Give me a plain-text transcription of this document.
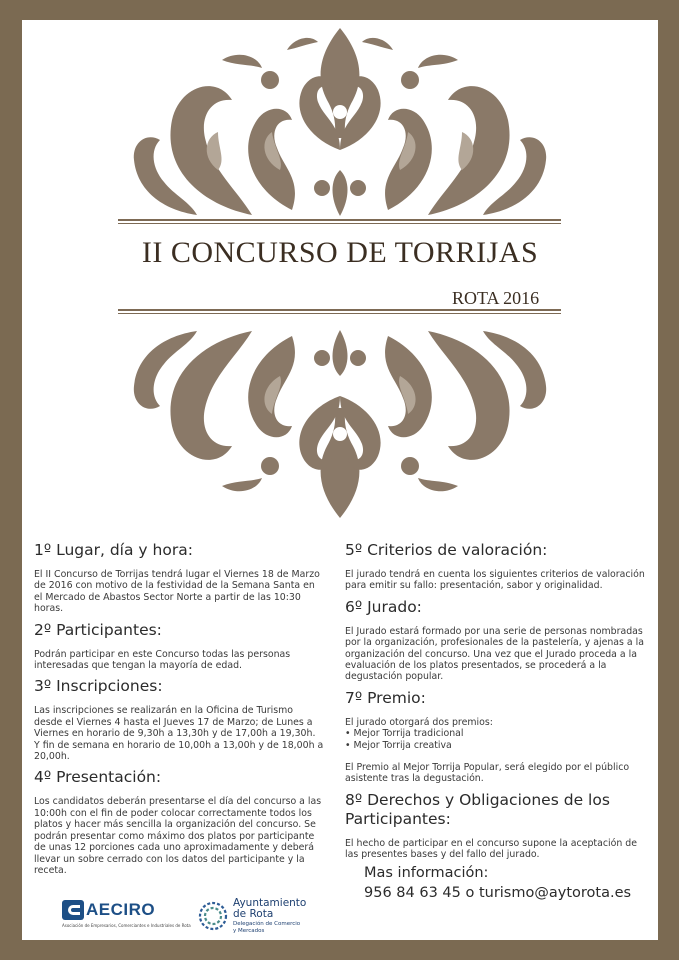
II CONCURSO DE TORRIJAS
ROTA 2016
1º Lugar, día y hora:

El II Concurso de Torrijas tendrá lugar el Viernes 18 de Marzo de 2016 con motivo de la festividad de la Semana Santa en el Mercado de Abastos Sector Norte a partir de las 10:30 horas.

2º Participantes:

Podrán participar en este Concurso todas las personas interesadas que tengan la mayoría de edad.

3º Inscripciones:

Las inscripciones se realizarán en la Oficina de Turismo desde el Viernes 4 hasta el Jueves 17 de Marzo; de Lunes a Viernes en horario de 9,30h a 13,30h y de 17,00h a 19,30h. Y fin de semana en horario de 10,00h a 13,00h y de 18,00h a 20,00h.

4º Presentación:

Los candidatos deberán presentarse el día del concurso a las 10:00h con el fin de poder colocar correctamente todos los platos y hacer más sencilla la organización del concurso. Se podrán presentar como máximo dos platos por participante de unas 12 porciones cada uno aproximadamente y deberá llevar un sobre cerrado con los datos del participante y la receta.

5º Criterios de valoración:

El jurado tendrá en cuenta los siguientes criterios de valoración para emitir su fallo: presentación, sabor y originalidad.

6º Jurado:

El Jurado estará formado por una serie de personas nombradas por la organización, profesionales de la pastelería, y ajenas a la organización del concurso. Una vez que el Jurado proceda a la evaluación de los platos presentados, se procederá a la degustación popular.

7º Premio:

El jurado otorgará dos premios:

• Mejor Torrija tradicional

• Mejor Torrija creativa

El Premio al Mejor Torrija Popular, será elegido por el público asistente tras la degustación.

8º Derechos y Obligaciones de los Participantes:

El hecho de participar en el concurso supone la aceptación de las presentes bases y del fallo del jurado.

Mas información:
956 84 63 45 o turismo@aytorota.es
AECIRO
Asociación de Empresarios, Comerciantes e Industriales de Rota
Ayuntamiento
de Rota
Delegación de Comercio
y Mercados
